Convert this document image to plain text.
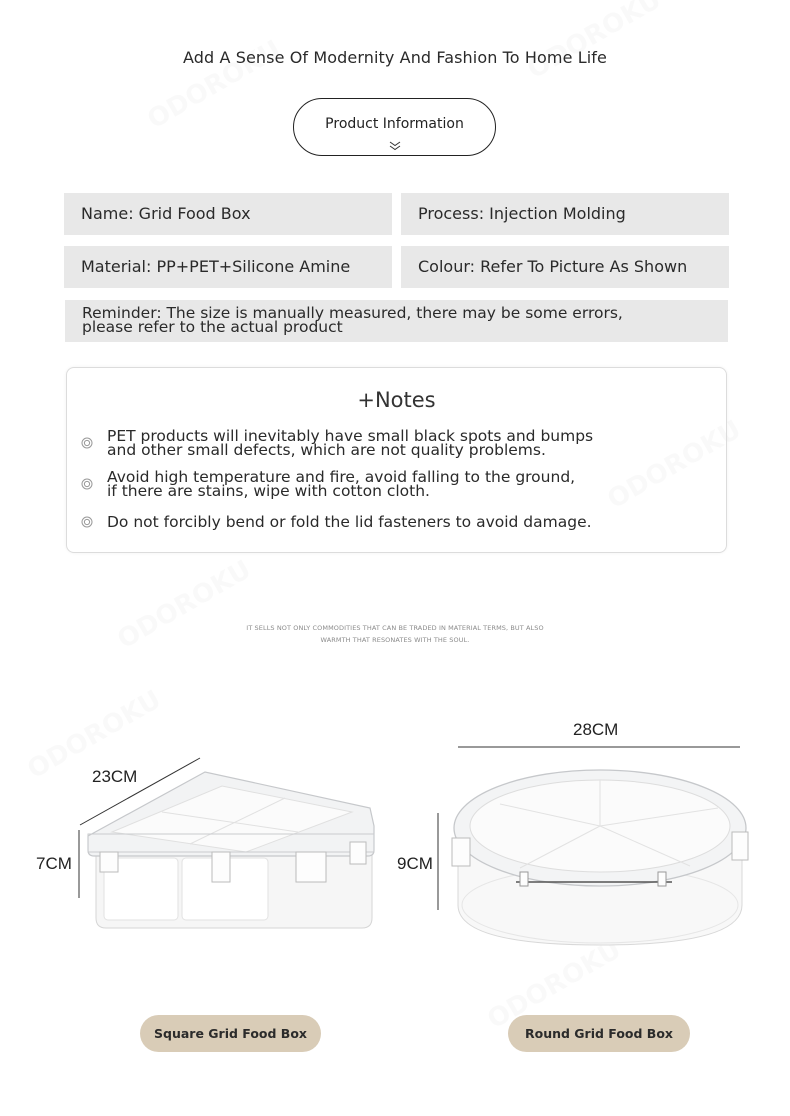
Add A Sense Of Modernity And Fashion To Home Life
Product Information
Name: Grid Food Box	Process: Injection Molding
Material: PP+PET+Silicone Amine	Colour: Refer To Picture As Shown
Reminder: The size is manually measured, there may be some errors,
please refer to the actual product
+Notes
PET products will inevitably have small black spots and bumps
and other small defects, which are not quality problems.
Avoid high temperature and fire, avoid falling to the ground,
if there are stains, wipe with cotton cloth.
Do not forcibly bend or fold the lid fasteners to avoid damage.
IT SELLS NOT ONLY COMMODITIES THAT CAN BE TRADED IN MATERIAL TERMS, BUT ALSO
WARMTH THAT RESONATES WITH THE SOUL.
23CM
7CM
28CM
9CM
Square Grid Food Box	Round Grid Food Box
